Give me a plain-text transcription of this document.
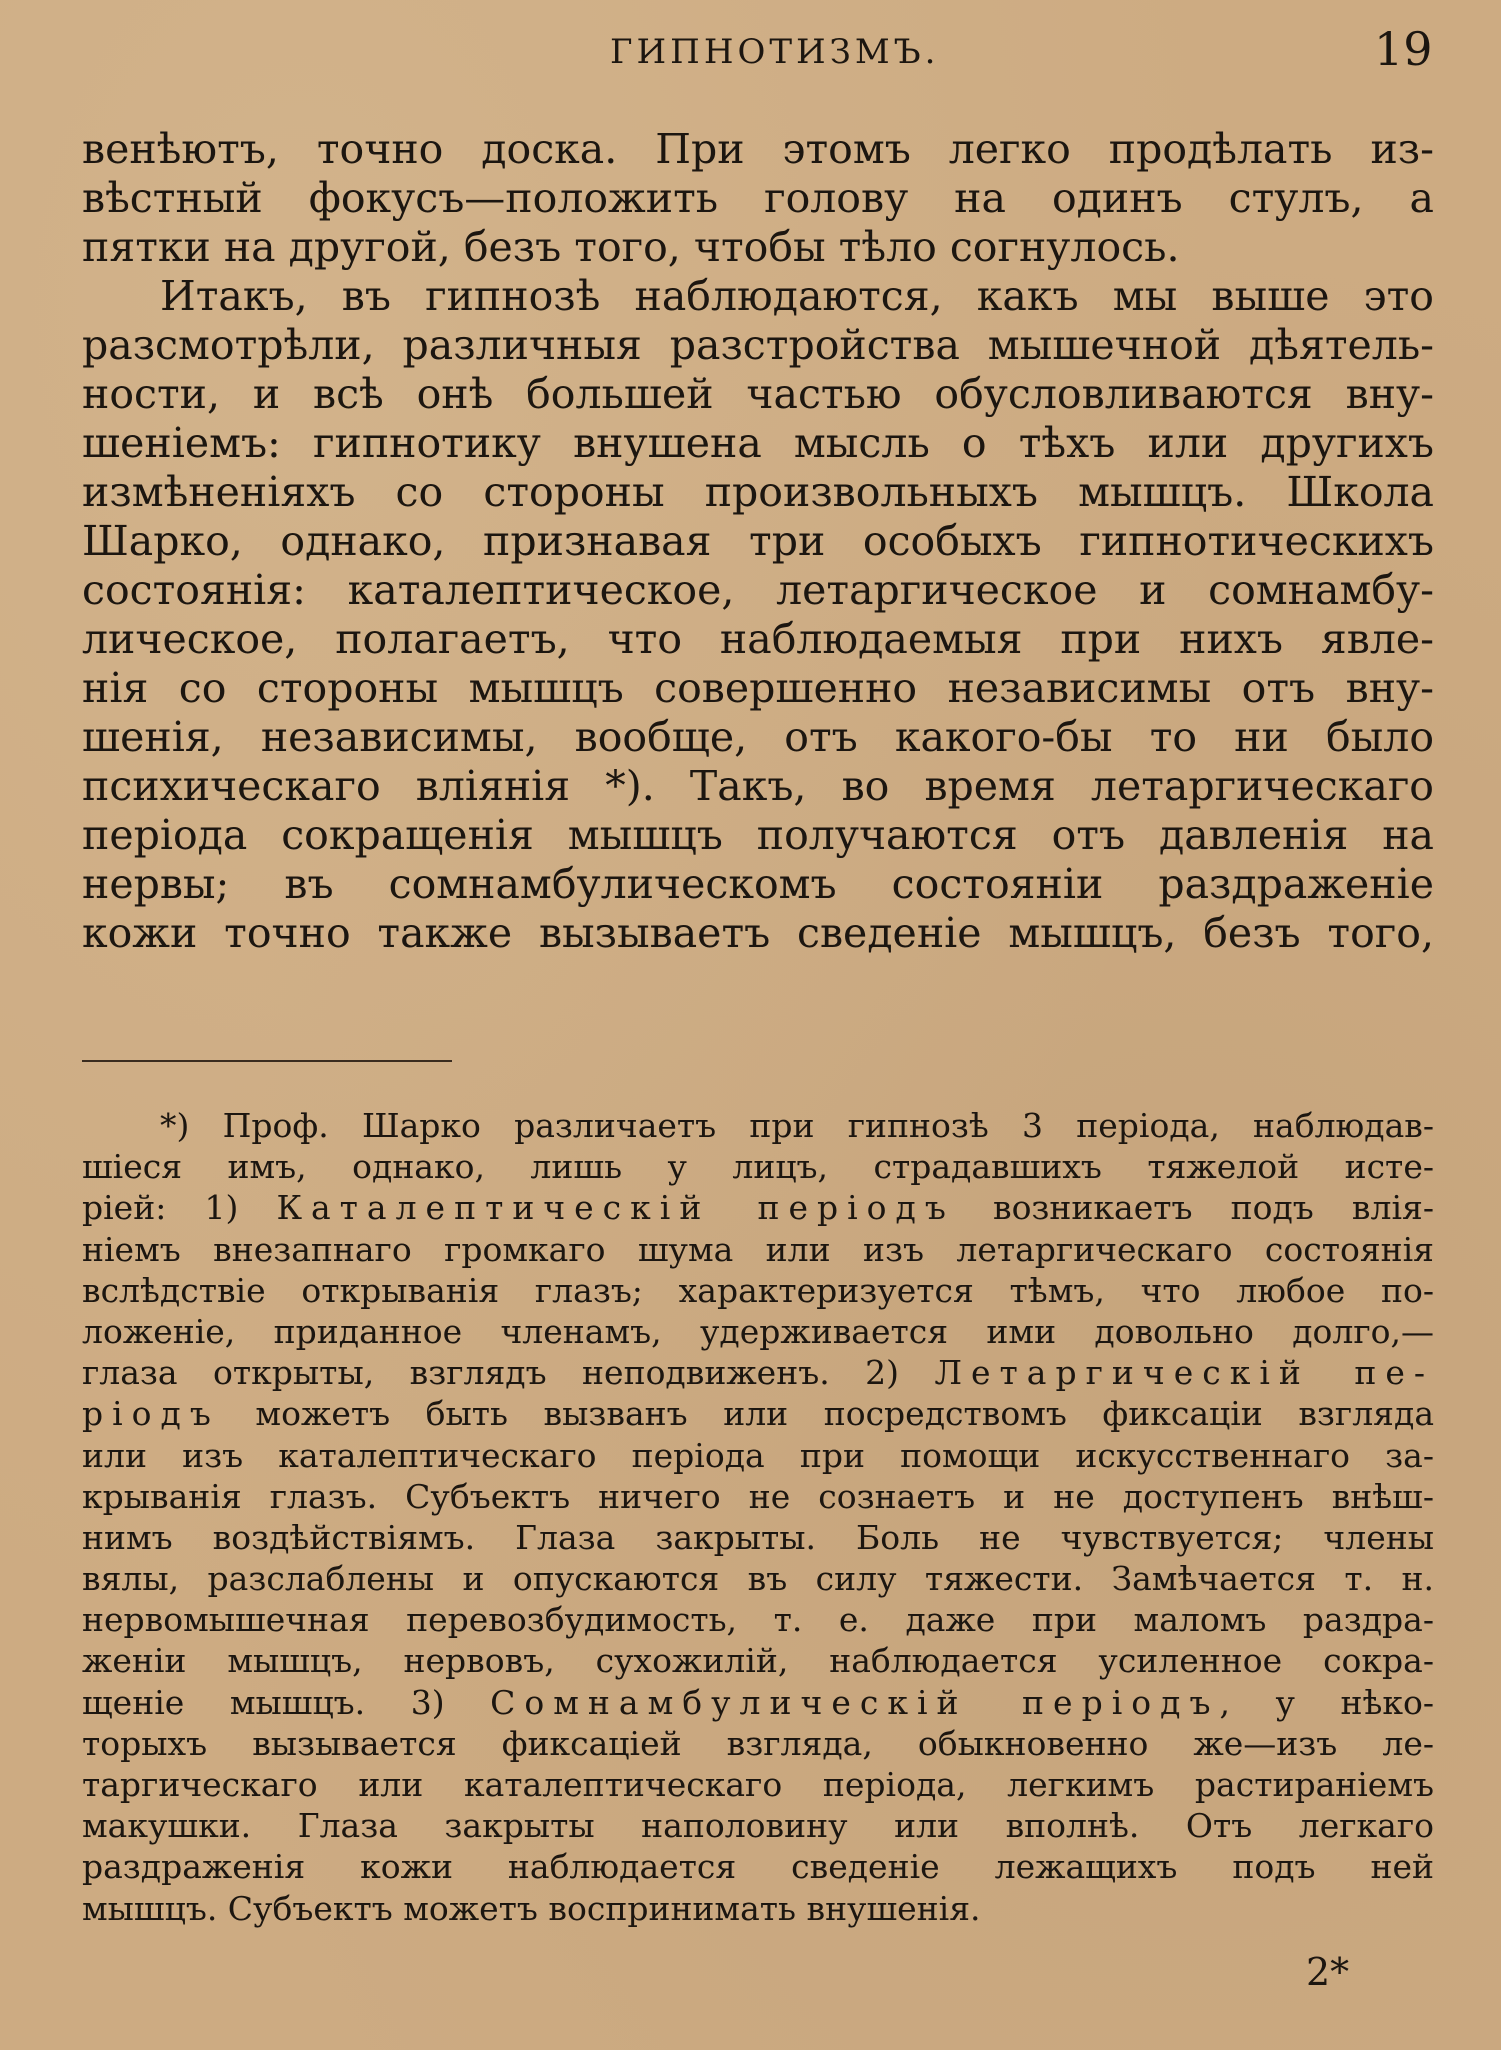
ГИПНОТИЗМЪ.	19
венѣютъ, точно доска. При этомъ легко продѣлать из-
вѣстный фокусъ—положить голову на одинъ стулъ, а
пятки на другой, безъ того, чтобы тѣло согнулось.
Итакъ, въ гипнозѣ наблюдаются, какъ мы выше это
разсмотрѣли, различныя разстройства мышечной дѣятель-
ности, и всѣ онѣ большей частью обусловливаются вну-
шеніемъ: гипнотику внушена мысль о тѣхъ или другихъ
измѣненіяхъ со стороны произвольныхъ мышцъ. Школа
Шарко, однако, признавая три особыхъ гипнотическихъ
состоянія: каталептическое, летаргическое и сомнамбу-
лическое, полагаетъ, что наблюдаемыя при нихъ явле-
нія со стороны мышцъ совершенно независимы отъ вну-
шенія, независимы, вообще, отъ какого-бы то ни было
психическаго вліянія *). Такъ, во время летаргическаго
періода сокращенія мышцъ получаются отъ давленія на
нервы; въ сомнамбулическомъ состояніи раздраженіе
кожи точно также вызываетъ сведеніе мышцъ, безъ того,
*) Проф. Шарко различаетъ при гипнозѣ 3 періода, наблюдав-
шіеся имъ, однако, лишь у лицъ, страдавшихъ тяжелой исте-
ріей: 1) Каталептическій періодъ возникаетъ подъ влія-
ніемъ внезапнаго громкаго шума или изъ летаргическаго состоянія
вслѣдствіе открыванія глазъ; характеризуется тѣмъ, что любое по-
ложеніе, приданное членамъ, удерживается ими довольно долго,—
глаза открыты, взглядъ неподвиженъ. 2) Летаргическій пе-
ріодъ можетъ быть вызванъ или посредствомъ фиксаціи взгляда
или изъ каталептическаго періода при помощи искусственнаго за-
крыванія глазъ. Субъектъ ничего не сознаетъ и не доступенъ внѣш-
нимъ воздѣйствіямъ. Глаза закрыты. Боль не чувствуется; члены
вялы, разслаблены и опускаются въ силу тяжести. Замѣчается т. н.
нервомышечная перевозбудимость, т. е. даже при маломъ раздра-
женіи мышцъ, нервовъ, сухожилій, наблюдается усиленное сокра-
щеніе мышцъ. 3) Сомнамбулическій періодъ, у нѣко-
торыхъ вызывается фиксаціей взгляда, обыкновенно же—изъ ле-
таргическаго или каталептическаго періода, легкимъ растираніемъ
макушки. Глаза закрыты наполовину или вполнѣ. Отъ легкаго
раздраженія кожи наблюдается сведеніе лежащихъ подъ ней
мышцъ. Субъектъ можетъ воспринимать внушенія.
2*
